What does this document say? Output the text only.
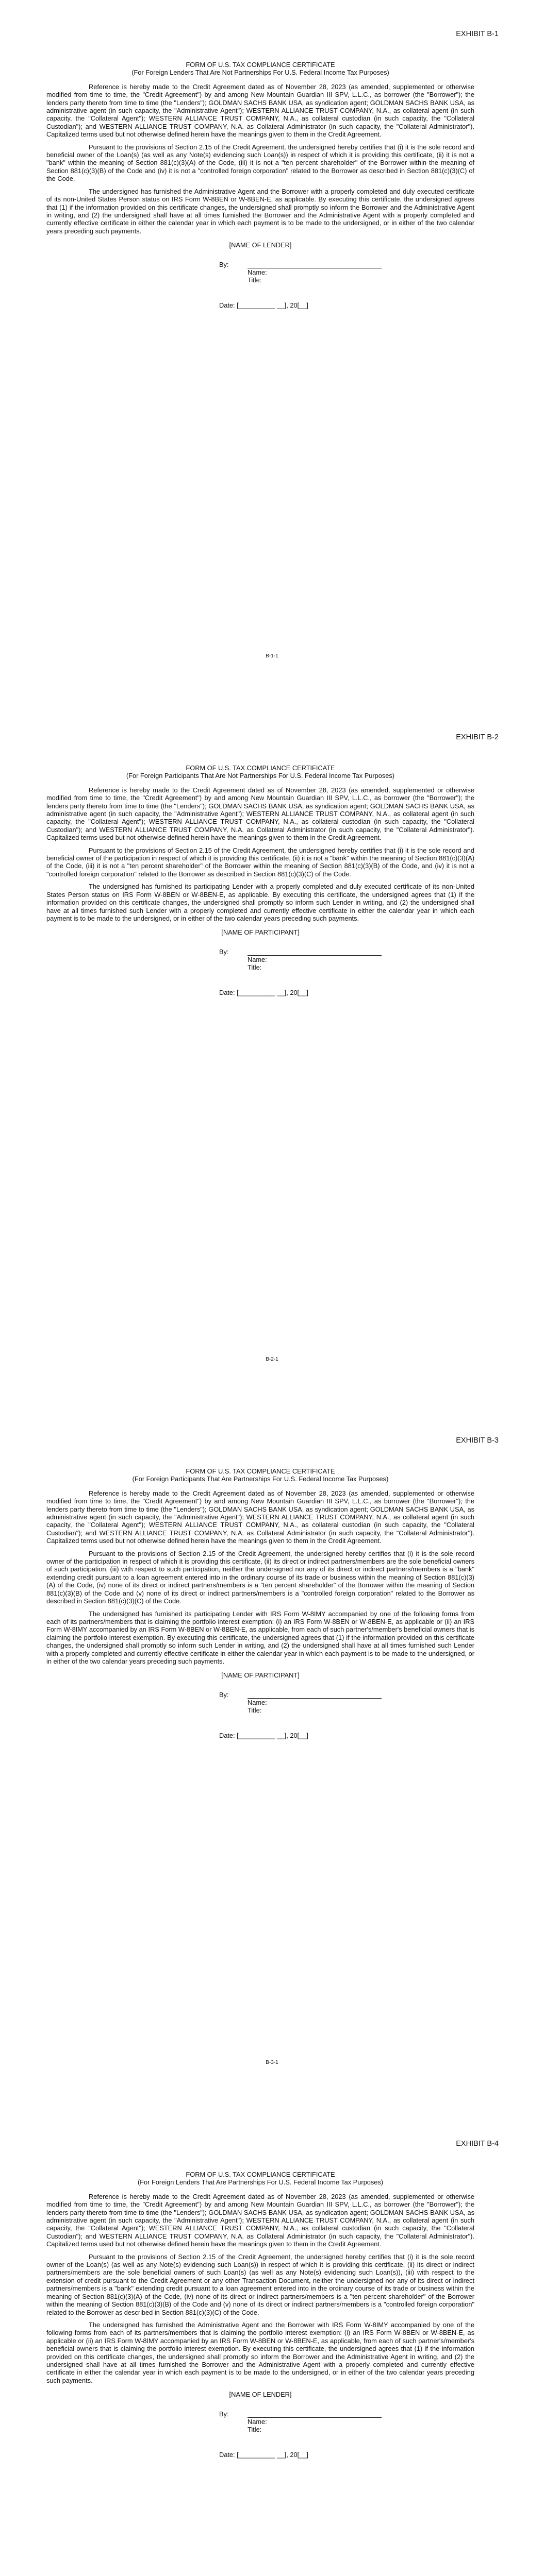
EXHIBIT B-1

FORM OF U.S. TAX COMPLIANCE CERTIFICATE

(For Foreign Lenders That Are Not Partnerships For U.S. Federal Income Tax Purposes)

Reference is hereby made to the Credit Agreement dated as of November 28, 2023 (as amended, supplemented or otherwise modified from time to time, the "Credit Agreement") by and among New Mountain Guardian III SPV, L.L.C., as borrower (the "Borrower"); the lenders party thereto from time to time (the "Lenders"); GOLDMAN SACHS BANK USA, as syndication agent; GOLDMAN SACHS BANK USA, as administrative agent (in such capacity, the "Administrative Agent"); WESTERN ALLIANCE TRUST COMPANY, N.A., as collateral agent (in such capacity, the "Collateral Agent"); WESTERN ALLIANCE TRUST COMPANY, N.A., as collateral custodian (in such capacity, the "Collateral Custodian"); and WESTERN ALLIANCE TRUST COMPANY, N.A. as Collateral Administrator (in such capacity, the "Collateral Administrator"). Capitalized terms used but not otherwise defined herein have the meanings given to them in the Credit Agreement.

Pursuant to the provisions of Section 2.15 of the Credit Agreement, the undersigned hereby certifies that (i) it is the sole record and beneficial owner of the Loan(s) (as well as any Note(s) evidencing such Loan(s)) in respect of which it is providing this certificate, (ii) it is not a "bank" within the meaning of Section 881(c)(3)(A) of the Code, (iii) it is not a "ten percent shareholder" of the Borrower within the meaning of Section 881(c)(3)(B) of the Code and (iv) it is not a "controlled foreign corporation" related to the Borrower as described in Section 881(c)(3)(C) of the Code.

The undersigned has furnished the Administrative Agent and the Borrower with a properly completed and duly executed certificate of its non-United States Person status on IRS Form W-8BEN or W-8BEN-E, as applicable. By executing this certificate, the undersigned agrees that (1) if the information provided on this certificate changes, the undersigned shall promptly so inform the Borrower and the Administrative Agent in writing, and (2) the undersigned shall have at all times furnished the Borrower and the Administrative Agent with a properly completed and currently effective certificate in either the calendar year in which each payment is to be made to the undersigned, or in either of the two calendar years preceding such payments.

[NAME OF LENDER]

By:
Name:
Title:
Date: [__________ __], 20[__]
B-1-1
EXHIBIT B-2

FORM OF U.S. TAX COMPLIANCE CERTIFICATE

(For Foreign Participants That Are Not Partnerships For U.S. Federal Income Tax Purposes)

Reference is hereby made to the Credit Agreement dated as of November 28, 2023 (as amended, supplemented or otherwise modified from time to time, the "Credit Agreement") by and among New Mountain Guardian III SPV, L.L.C., as borrower (the "Borrower"); the lenders party thereto from time to time (the "Lenders"); GOLDMAN SACHS BANK USA, as syndication agent; GOLDMAN SACHS BANK USA, as administrative agent (in such capacity, the "Administrative Agent"); WESTERN ALLIANCE TRUST COMPANY, N.A., as collateral agent (in such capacity, the "Collateral Agent"); WESTERN ALLIANCE TRUST COMPANY, N.A., as collateral custodian (in such capacity, the "Collateral Custodian"); and WESTERN ALLIANCE TRUST COMPANY, N.A. as Collateral Administrator (in such capacity, the "Collateral Administrator"). Capitalized terms used but not otherwise defined herein have the meanings given to them in the Credit Agreement.

Pursuant to the provisions of Section 2.15 of the Credit Agreement, the undersigned hereby certifies that (i) it is the sole record and beneficial owner of the participation in respect of which it is providing this certificate, (ii) it is not a "bank" within the meaning of Section 881(c)(3)(A) of the Code, (iii) it is not a "ten percent shareholder" of the Borrower within the meaning of Section 881(c)(3)(B) of the Code, and (iv) it is not a "controlled foreign corporation" related to the Borrower as described in Section 881(c)(3)(C) of the Code.

The undersigned has furnished its participating Lender with a properly completed and duly executed certificate of its non-United States Person status on IRS Form W-8BEN or W-8BEN-E, as applicable. By executing this certificate, the undersigned agrees that (1) if the information provided on this certificate changes, the undersigned shall promptly so inform such Lender in writing, and (2) the undersigned shall have at all times furnished such Lender with a properly completed and currently effective certificate in either the calendar year in which each payment is to be made to the undersigned, or in either of the two calendar years preceding such payments.

[NAME OF PARTICIPANT]

By:
Name:
Title:
Date: [__________ __], 20[__]
B-2-1
EXHIBIT B-3

FORM OF U.S. TAX COMPLIANCE CERTIFICATE

(For Foreign Participants That Are Partnerships For U.S. Federal Income Tax Purposes)

Reference is hereby made to the Credit Agreement dated as of November 28, 2023 (as amended, supplemented or otherwise modified from time to time, the "Credit Agreement") by and among New Mountain Guardian III SPV, L.L.C., as borrower (the "Borrower"); the lenders party thereto from time to time (the "Lenders"); GOLDMAN SACHS BANK USA, as syndication agent; GOLDMAN SACHS BANK USA, as administrative agent (in such capacity, the "Administrative Agent"); WESTERN ALLIANCE TRUST COMPANY, N.A., as collateral agent (in such capacity, the "Collateral Agent"); WESTERN ALLIANCE TRUST COMPANY, N.A., as collateral custodian (in such capacity, the "Collateral Custodian"); and WESTERN ALLIANCE TRUST COMPANY, N.A. as Collateral Administrator (in such capacity, the "Collateral Administrator"). Capitalized terms used but not otherwise defined herein have the meanings given to them in the Credit Agreement.

Pursuant to the provisions of Section 2.15 of the Credit Agreement, the undersigned hereby certifies that (i) it is the sole record owner of the participation in respect of which it is providing this certificate, (ii) its direct or indirect partners/members are the sole beneficial owners of such participation, (iii) with respect to such participation, neither the undersigned nor any of its direct or indirect partners/members is a "bank" extending credit pursuant to a loan agreement entered into in the ordinary course of its trade or business within the meaning of Section 881(c)(3)(A) of the Code, (iv) none of its direct or indirect partners/members is a "ten percent shareholder" of the Borrower within the meaning of Section 881(c)(3)(B) of the Code and (v) none of its direct or indirect partners/members is a "controlled foreign corporation" related to the Borrower as described in Section 881(c)(3)(C) of the Code.

The undersigned has furnished its participating Lender with IRS Form W-8IMY accompanied by one of the following forms from each of its partners/members that is claiming the portfolio interest exemption: (i) an IRS Form W-8BEN or W-8BEN-E, as applicable or (ii) an IRS Form W-8IMY accompanied by an IRS Form W-8BEN or W-8BEN-E, as applicable, from each of such partner's/member's beneficial owners that is claiming the portfolio interest exemption. By executing this certificate, the undersigned agrees that (1) if the information provided on this certificate changes, the undersigned shall promptly so inform such Lender in writing, and (2) the undersigned shall have at all times furnished such Lender with a properly completed and currently effective certificate in either the calendar year in which each payment is to be made to the undersigned, or in either of the two calendar years preceding such payments.

[NAME OF PARTICIPANT]

By:
Name:
Title:
Date: [__________ __], 20[__]
B-3-1
EXHIBIT B-4

FORM OF U.S. TAX COMPLIANCE CERTIFICATE

(For Foreign Lenders That Are Partnerships For U.S. Federal Income Tax Purposes)

Reference is hereby made to the Credit Agreement dated as of November 28, 2023 (as amended, supplemented or otherwise modified from time to time, the "Credit Agreement") by and among New Mountain Guardian III SPV, L.L.C., as borrower (the "Borrower"); the lenders party thereto from time to time (the "Lenders"); GOLDMAN SACHS BANK USA, as syndication agent; GOLDMAN SACHS BANK USA, as administrative agent (in such capacity, the "Administrative Agent"); WESTERN ALLIANCE TRUST COMPANY, N.A., as collateral agent (in such capacity, the "Collateral Agent"); WESTERN ALLIANCE TRUST COMPANY, N.A., as collateral custodian (in such capacity, the "Collateral Custodian"); and WESTERN ALLIANCE TRUST COMPANY, N.A. as Collateral Administrator (in such capacity, the "Collateral Administrator"). Capitalized terms used but not otherwise defined herein have the meanings given to them in the Credit Agreement.

Pursuant to the provisions of Section 2.15 of the Credit Agreement, the undersigned hereby certifies that (i) it is the sole record owner of the Loan(s) (as well as any Note(s) evidencing such Loan(s)) in respect of which it is providing this certificate, (ii) its direct or indirect partners/members are the sole beneficial owners of such Loan(s) (as well as any Note(s) evidencing such Loan(s)), (iii) with respect to the extension of credit pursuant to the Credit Agreement or any other Transaction Document, neither the undersigned nor any of its direct or indirect partners/members is a "bank" extending credit pursuant to a loan agreement entered into in the ordinary course of its trade or business within the meaning of Section 881(c)(3)(A) of the Code, (iv) none of its direct or indirect partners/members is a "ten percent shareholder" of the Borrower within the meaning of Section 881(c)(3)(B) of the Code and (v) none of its direct or indirect partners/members is a "controlled foreign corporation" related to the Borrower as described in Section 881(c)(3)(C) of the Code.

The undersigned has furnished the Administrative Agent and the Borrower with IRS Form W-8IMY accompanied by one of the following forms from each of its partners/members that is claiming the portfolio interest exemption: (i) an IRS Form W-8BEN or W-8BEN-E, as applicable or (ii) an IRS Form W-8IMY accompanied by an IRS Form W-8BEN or W-8BEN-E, as applicable, from each of such partner's/member's beneficial owners that is claiming the portfolio interest exemption. By executing this certificate, the undersigned agrees that (1) if the information provided on this certificate changes, the undersigned shall promptly so inform the Borrower and the Administrative Agent in writing, and (2) the undersigned shall have at all times furnished the Borrower and the Administrative Agent with a properly completed and currently effective certificate in either the calendar year in which each payment is to be made to the undersigned, or in either of the two calendar years preceding such payments.

[NAME OF LENDER]

By:
Name:
Title:
Date: [__________ __], 20[__]
